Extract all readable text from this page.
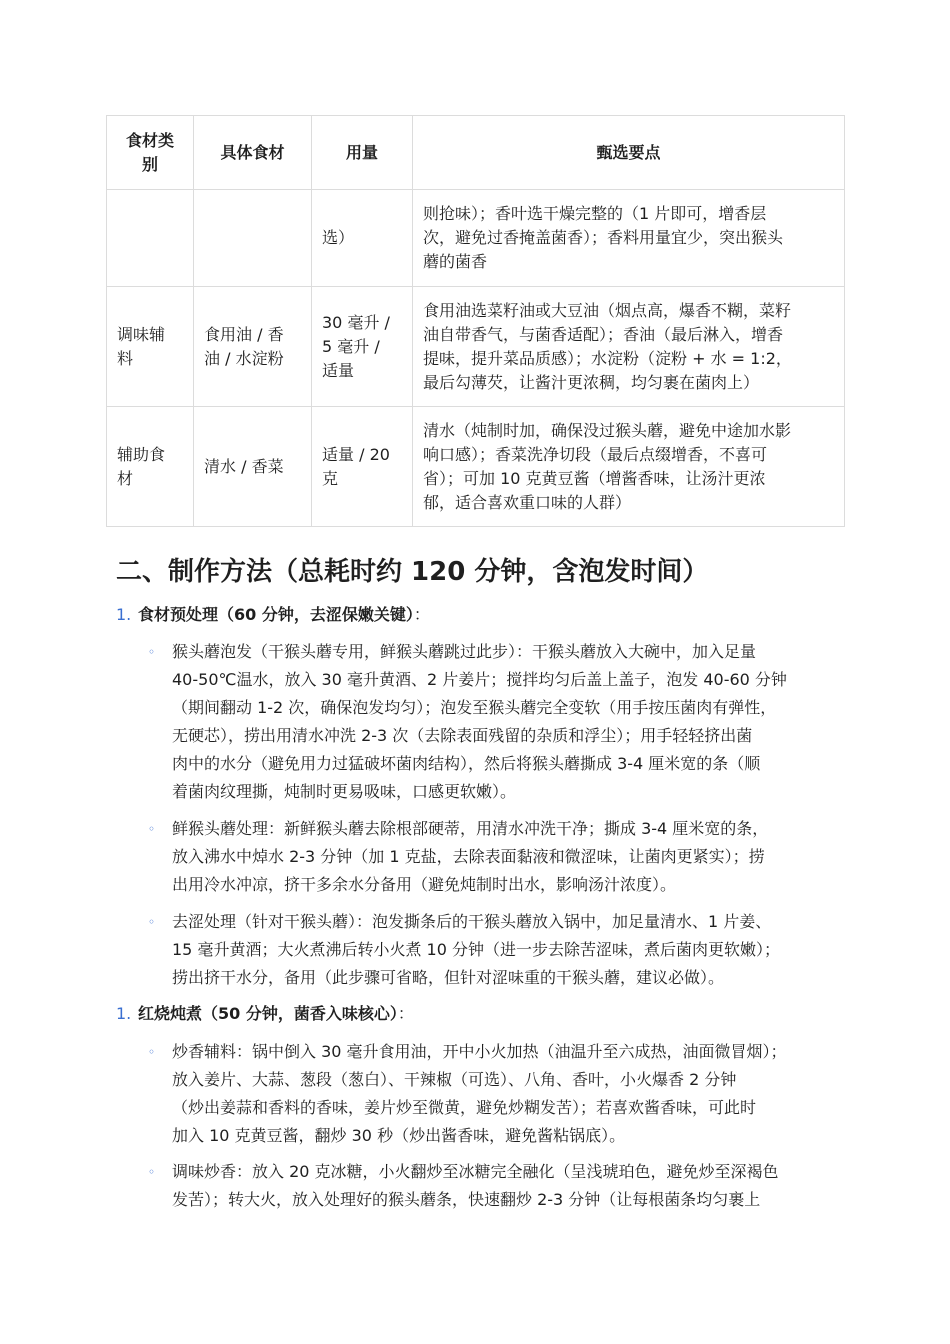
食材类
别	具体食材	用量	甄选要点

		选）	则抢味）；香叶选干燥完整的（1 片即可，增香层
次，避免过香掩盖菌香）；香料用量宜少，突出猴头
蘑的菌香

调味辅
料	食用油 / 香
油 / 水淀粉	30 毫升 /
5 毫升 /
适量	食用油选菜籽油或大豆油（烟点高，爆香不糊，菜籽
油自带香气，与菌香适配）；香油（最后淋入，增香
提味，提升菜品质感）；水淀粉（淀粉 + 水 = 1:2，
最后勾薄芡，让酱汁更浓稠，均匀裹在菌肉上）

辅助食
材	清水 / 香菜	适量 / 20
克	清水（炖制时加，确保没过猴头蘑，避免中途加水影
响口感）；香菜洗净切段（最后点缀增香，不喜可
省）；可加 10 克黄豆酱（增酱香味，让汤汁更浓
郁，适合喜欢重口味的人群）
二、制作方法（总耗时约 120 分钟，含泡发时间）
1. 食材预处理（60 分钟，去涩保嫩关键）：
◦ 猴头蘑泡发（干猴头蘑专用，鲜猴头蘑跳过此步）：干猴头蘑放入大碗中，加入足量
40-50℃温水，放入 30 毫升黄酒、2 片姜片；搅拌均匀后盖上盖子，泡发 40-60 分钟
（期间翻动 1-2 次，确保泡发均匀）；泡发至猴头蘑完全变软（用手按压菌肉有弹性，
无硬芯），捞出用清水冲洗 2-3 次（去除表面残留的杂质和浮尘）；用手轻轻挤出菌
肉中的水分（避免用力过猛破坏菌肉结构），然后将猴头蘑撕成 3-4 厘米宽的条（顺
着菌肉纹理撕，炖制时更易吸味，口感更软嫩）。
◦ 鲜猴头蘑处理：新鲜猴头蘑去除根部硬蒂，用清水冲洗干净；撕成 3-4 厘米宽的条，
放入沸水中焯水 2-3 分钟（加 1 克盐，去除表面黏液和微涩味，让菌肉更紧实）；捞
出用冷水冲凉，挤干多余水分备用（避免炖制时出水，影响汤汁浓度）。
◦ 去涩处理（针对干猴头蘑）：泡发撕条后的干猴头蘑放入锅中，加足量清水、1 片姜、
15 毫升黄酒；大火煮沸后转小火煮 10 分钟（进一步去除苦涩味，煮后菌肉更软嫩）；
捞出挤干水分，备用（此步骤可省略，但针对涩味重的干猴头蘑，建议必做）。
1. 红烧炖煮（50 分钟，菌香入味核心）：
◦ 炒香辅料：锅中倒入 30 毫升食用油，开中小火加热（油温升至六成热，油面微冒烟）；
放入姜片、大蒜、葱段（葱白）、干辣椒（可选）、八角、香叶，小火爆香 2 分钟
（炒出姜蒜和香料的香味，姜片炒至微黄，避免炒糊发苦）；若喜欢酱香味，可此时
加入 10 克黄豆酱，翻炒 30 秒（炒出酱香味，避免酱粘锅底）。
◦ 调味炒香：放入 20 克冰糖，小火翻炒至冰糖完全融化（呈浅琥珀色，避免炒至深褐色
发苦）；转大火，放入处理好的猴头蘑条，快速翻炒 2-3 分钟（让每根菌条均匀裹上
